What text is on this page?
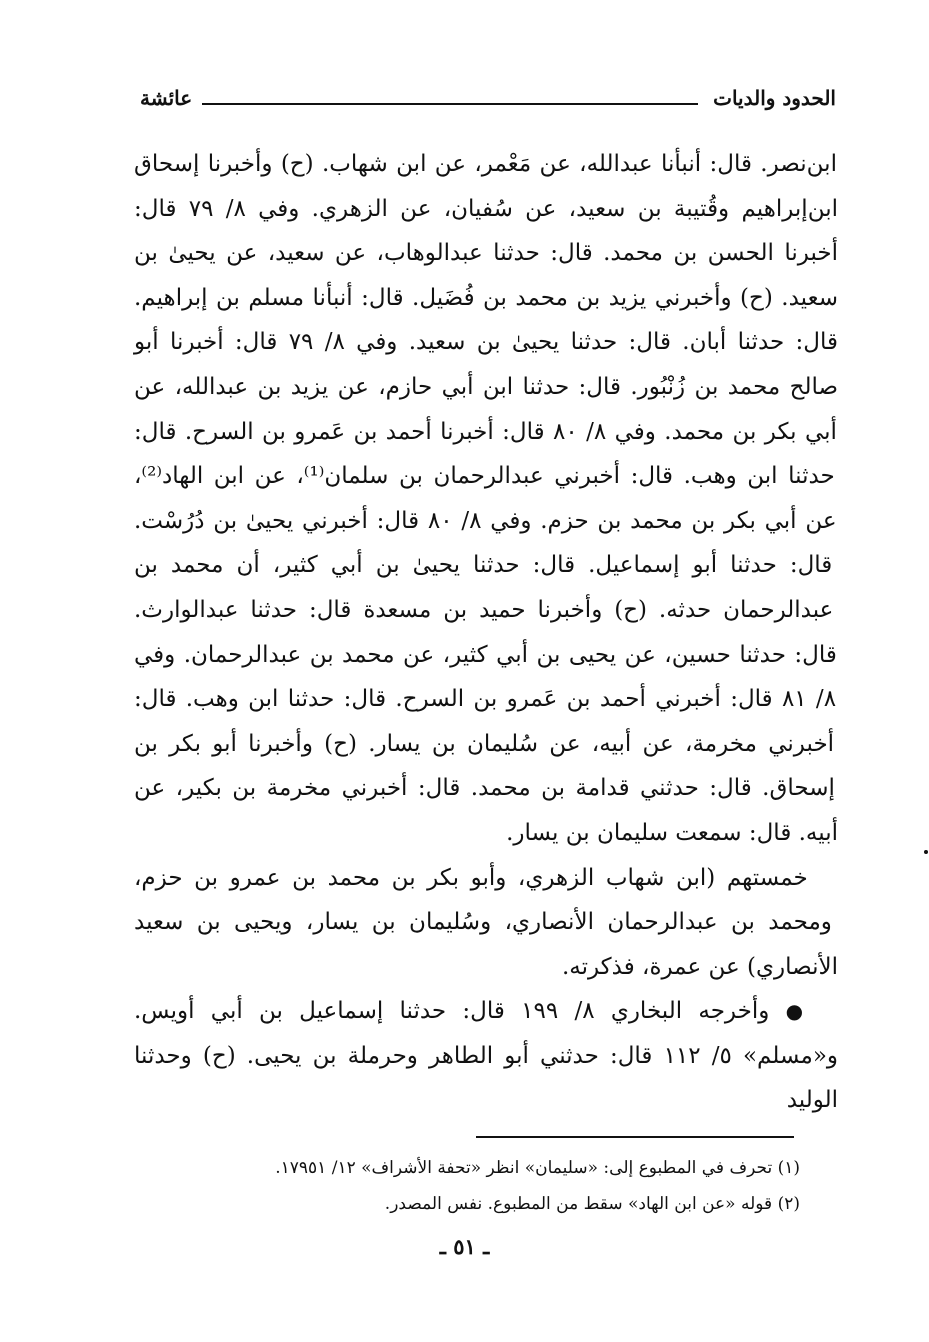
عائشة	الحدود والديات

ابن‌نصر. قال: أنبأنا عبدالله، عن مَعْمر، عن ابن شهاب. (ح) وأخبرنا إسحاق ابن‌إبراهيم وقُتيبة بن سعيد، عن سُفيان، عن الزهري. وفي ٨/ ٧٩ قال: أخبرنا الحسن بن محمد. قال: حدثنا عبدالوهاب، عن سعيد، عن يحيىٰ بن سعيد. (ح) وأخبرني يزيد بن محمد بن فُضَيل. قال: أنبأنا مسلم بن إبراهيم. قال: حدثنا أبان. قال: حدثنا يحيىٰ بن سعيد. وفي ٨/ ٧٩ قال: أخبرنا أبو صالح محمد بن زُنْبُور. قال: حدثنا ابن أبي حازم، عن يزيد بن عبدالله، عن أبي بكر بن محمد. وفي ٨/ ٨٠ قال: أخبرنا أحمد بن عَمرو بن السرح. قال: حدثنا ابن وهب. قال: أخبرني عبدالرحمان بن سلمان⁽¹⁾، عن ابن الهاد⁽²⁾، عن أبي بكر بن محمد بن حزم. وفي ٨/ ٨٠ قال: أخبرني يحيىٰ بن دُرُسْت. قال: حدثنا أبو إسماعيل. قال: حدثنا يحيىٰ بن أبي كثير، أن محمد بن عبدالرحمان حدثه. (ح) وأخبرنا حميد بن مسعدة قال: حدثنا عبدالوارث. قال: حدثنا حسين، عن يحيى بن أبي كثير، عن محمد بن عبدالرحمان. وفي ٨/ ٨١ قال: أخبرني أحمد بن عَمرو بن السرح. قال: حدثنا ابن وهب. قال: أخبرني مخرمة، عن أبيه، عن سُليمان بن يسار. (ح) وأخبرنا أبو بكر بن إسحاق. قال: حدثني قدامة بن محمد. قال: أخبرني مخرمة بن بكير، عن أبيه. قال: سمعت سليمان بن يسار.

خمستهم (ابن شهاب الزهري، وأبو بكر بن محمد بن عمرو بن حزم، ومحمد بن عبدالرحمان الأنصاري، وسُليمان بن يسار، ويحيى بن سعيد الأنصاري) عن عمرة، فذكرته.

● وأخرجه البخاري ٨/ ١٩٩ قال: حدثنا إسماعيل بن أبي أويس. و«مسلم» ٥/ ١١٢ قال: حدثني أبو الطاهر وحرملة بن يحيى. (ح) وحدثنا الوليد

(١) تحرف في المطبوع إلى: «سليمان» انظر «تحفة الأشراف» ١٢/ ١٧٩٥١.

(٢) قوله «عن ابن الهاد» سقط من المطبوع. نفس المصدر.

ـ ٥١ ـ
